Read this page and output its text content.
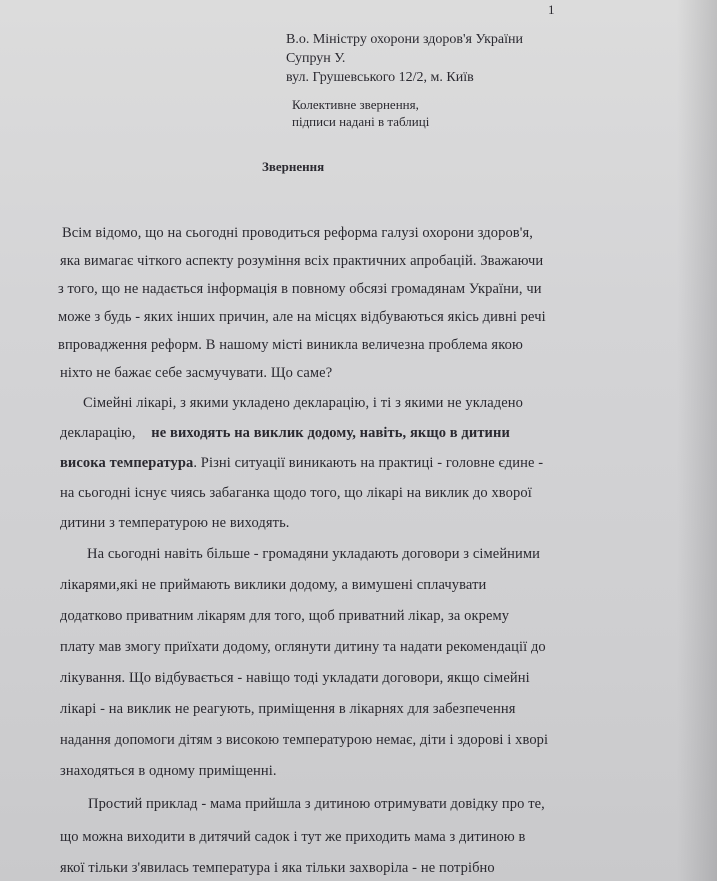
1
В.о. Міністру охорони здоров'я України
Супрун У.
вул. Грушевського 12/2, м. Київ
Колективне звернення,
підписи надані в таблиці
Звернення
Всім відомо, що на сьогодні проводиться реформа галузі охорони здоров'я,
яка вимагає чіткого аспекту розуміння всіх практичних апробацій. Зважаючи
з того, що не надається інформація в повному обсязі громадянам України, чи
може з будь - яких інших причин, але на місцях відбуваються якісь дивні речі
впровадження реформ. В нашому місті виникла величезна проблема якою
ніхто не бажає себе засмучувати. Що саме?
Сімейні лікарі, з якими укладено декларацію, і ті з якими не укладено
декларацію, не виходять на виклик додому, навіть, якщо в дитини
висока температура. Різні ситуації виникають на практиці - головне єдине -
на сьогодні існує чиясь забаганка щодо того, що лікарі на виклик до хворої
дитини з температурою не виходять.
На сьогодні навіть більше - громадяни укладають договори з сімейними
лікарями,які не приймають виклики додому, а вимушені сплачувати
додатково приватним лікарям для того, щоб приватний лікар, за окрему
плату мав змогу приїхати додому, оглянути дитину та надати рекомендації до
лікування. Що відбувається - навіщо тоді укладати договори, якщо сімейні
лікарі - на виклик не реагують, приміщення в лікарнях для забезпечення
надання допомоги дітям з високою температурою немає, діти і здорові і хворі
знаходяться в одному приміщенні.
Простий приклад - мама прийшла з дитиною отримувати довідку про те,
що можна виходити в дитячий садок і тут же приходить мама з дитиною в
якої тільки з'явилась температура і яка тільки захворіла - не потрібно
